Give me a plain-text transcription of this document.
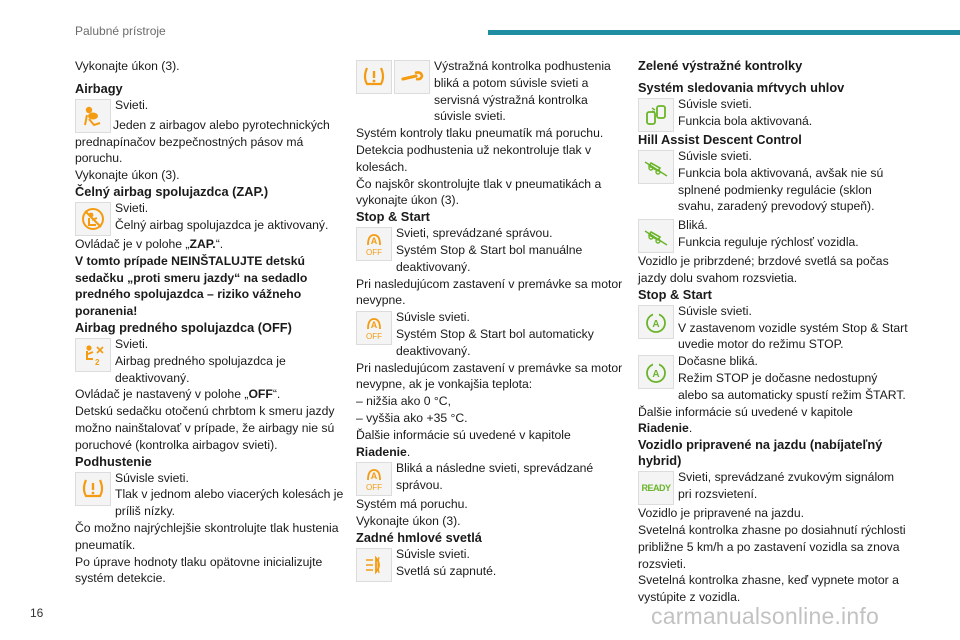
Palubné prístroje

Vykonajte úkon (3).

Airbagy

Svieti.

Jeden z airbagov alebo pyrotechnických prednapínačov bezpečnostných pásov má poruchu.

Vykonajte úkon (3).

Čelný airbag spolujazdca (ZAP.)

Svieti.

Čelný airbag spolujazdca je aktivovaný.

Ovládač je v polohe „ZAP.“.

V tomto prípade NEINŠTALUJTE detskú sedačku „proti smeru jazdy“ na sedadlo predného spolujazdca – riziko vážneho poranenia!

Airbag predného spolujazdca (OFF)

2

Svieti.

Airbag predného spolujazdca je deaktivovaný.

Ovládač je nastavený v polohe „OFF“.

Detskú sedačku otočenú chrbtom k smeru jazdy možno nainštalovať v prípade, že airbagy nie sú poruchové (kontrolka airbagov svieti).

Podhustenie

Súvisle svieti.

Tlak v jednom alebo viacerých kolesách je príliš nízky.

Čo možno najrýchlejšie skontrolujte tlak hustenia pneumatík.

Po úprave hodnoty tlaku opätovne inicializujte systém detekcie.

Výstražná kontrolka podhustenia bliká a potom súvisle svieti a servisná výstražná kontrolka súvisle svieti.

Systém kontroly tlaku pneumatík má poruchu.

Detekcia podhustenia už nekontroluje tlak v kolesách.

Čo najskôr skontrolujte tlak v pneumatikách a vykonajte úkon (3).

Stop & Start

A
OFF

Svieti, sprevádzané správou.

Systém Stop & Start bol manuálne deaktivovaný.

Pri nasledujúcom zastavení v premávke sa motor nevypne.

A
OFF

Súvisle svieti.

Systém Stop & Start bol automaticky deaktivovaný.

Pri nasledujúcom zastavení v premávke sa motor nevypne, ak je vonkajšia teplota:

– nižšia ako 0 °C,

– vyššia ako +35 °C.

Ďalšie informácie sú uvedené v kapitole

Riadenie.

A
OFF

Bliká a následne svieti, sprevádzané správou.

Systém má poruchu.

Vykonajte úkon (3).

Zadné hmlové svetlá

Súvisle svieti.

Svetlá sú zapnuté.

Zelené výstražné kontrolky

Systém sledovania mŕtvych uhlov

Súvisle svieti.

Funkcia bola aktivovaná.

Hill Assist Descent Control

Súvisle svieti.

Funkcia bola aktivovaná, avšak nie sú splnené podmienky regulácie (sklon svahu, zaradený prevodový stupeň).

Bliká.

Funkcia reguluje rýchlosť vozidla.

Vozidlo je pribrzdené; brzdové svetlá sa počas jazdy dolu svahom rozsvietia.

Stop & Start

A

Súvisle svieti.

V zastavenom vozidle systém Stop & Start uvedie motor do režimu STOP.

A

Dočasne bliká.

Režim STOP je dočasne nedostupný alebo sa automaticky spustí režim ŠTART.

Ďalšie informácie sú uvedené v kapitole

Riadenie.

Vozidlo pripravené na jazdu (nabíjateľný hybrid)

READY

Svieti, sprevádzané zvukovým signálom pri rozsvietení.

Vozidlo je pripravené na jazdu.

Svetelná kontrolka zhasne po dosiahnutí rýchlosti približne 5 km/h a po zastavení vozidla sa znova rozsvieti.

Svetelná kontrolka zhasne, keď vypnete motor a vystúpite z vozidla.

16	carmanualsonline.info
